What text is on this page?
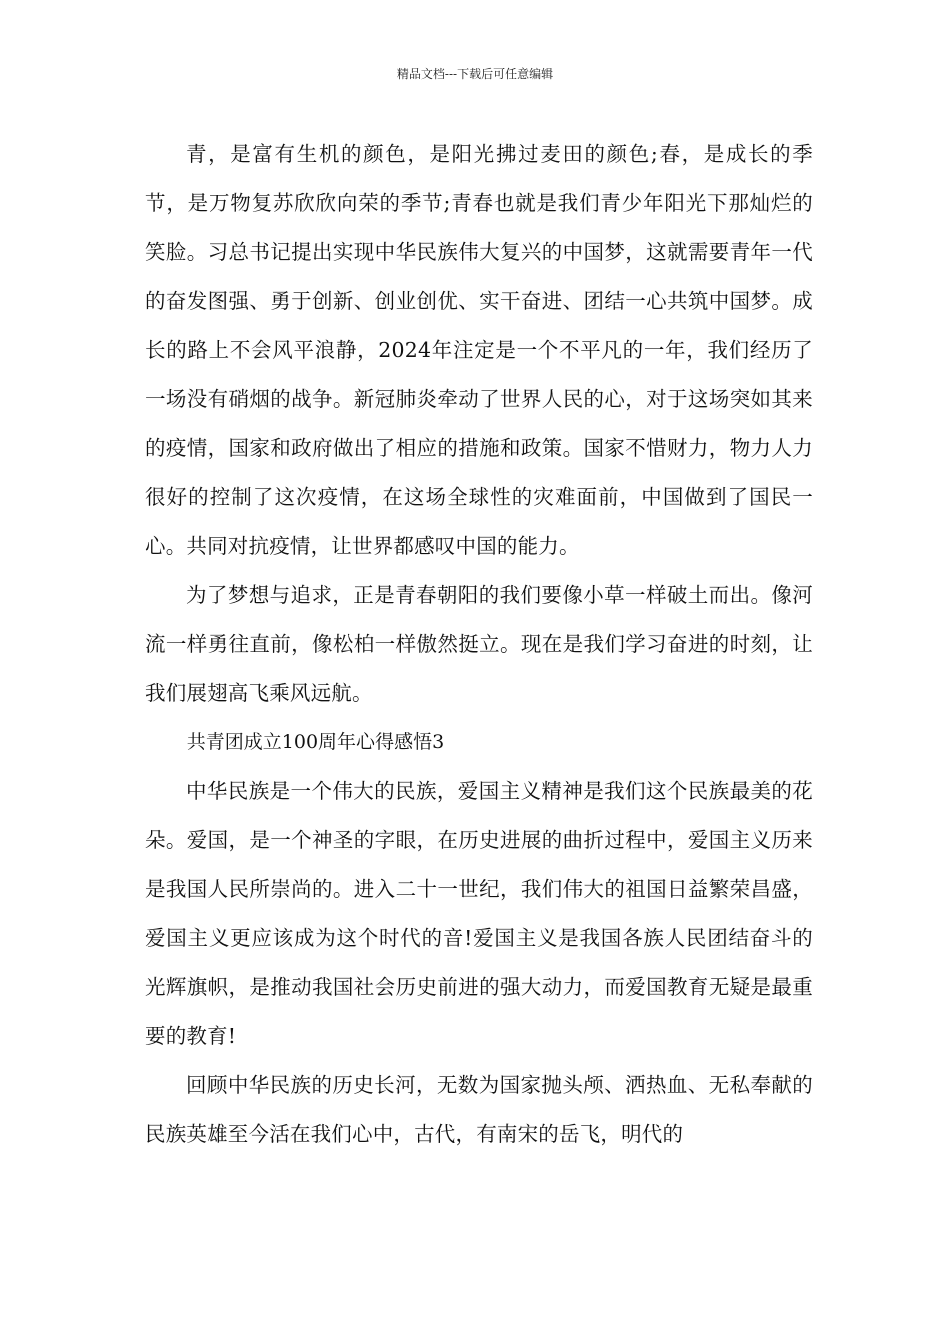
精品文档---下载后可任意编辑

青，是富有生机的颜色，是阳光拂过麦田的颜色;春，是成长的季节，是万物复苏欣欣向荣的季节;青春也就是我们青少年阳光下那灿烂的笑脸。习总书记提出实现中华民族伟大复兴的中国梦，这就需要青年一代的奋发图强、勇于创新、创业创优、实干奋进、团结一心共筑中国梦。成长的路上不会风平浪静，2024年注定是一个不平凡的一年，我们经历了一场没有硝烟的战争。新冠肺炎牵动了世界人民的心，对于这场突如其来的疫情，国家和政府做出了相应的措施和政策。国家不惜财力，物力人力很好的控制了这次疫情，在这场全球性的灾难面前，中国做到了国民一心。共同对抗疫情，让世界都感叹中国的能力。

为了梦想与追求，正是青春朝阳的我们要像小草一样破土而出。像河流一样勇往直前，像松柏一样傲然挺立。现在是我们学习奋进的时刻，让我们展翅高飞乘风远航。

共青团成立100周年心得感悟3

中华民族是一个伟大的民族，爱国主义精神是我们这个民族最美的花朵。爱国，是一个神圣的字眼，在历史进展的曲折过程中，爱国主义历来是我国人民所崇尚的。进入二十一世纪，我们伟大的祖国日益繁荣昌盛，爱国主义更应该成为这个时代的音!爱国主义是我国各族人民团结奋斗的光辉旗帜，是推动我国社会历史前进的强大动力，而爱国教育无疑是最重要的教育!

回顾中华民族的历史长河，无数为国家抛头颅、洒热血、无私奉献的民族英雄至今活在我们心中，古代，有南宋的岳飞，明代的
